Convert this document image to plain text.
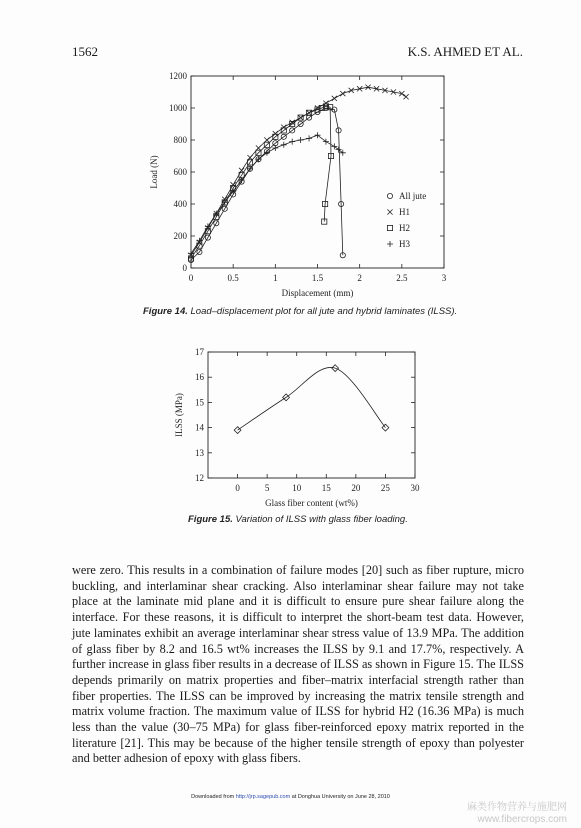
1562	K.S. AHMED ET AL.
0	0.5	1	1.5	2	2.5	3
0
200
400
600
800
1000
1200
Displacement (mm)
Load (N)
All jute
H1
H2
H3
Figure 14. Load–displacement plot for all jute and hybrid laminates (ILSS).
0	5	10 15 20 25 30
12
13
14
15
16
17
Glass fiber content (wt%)
ILSS (MPa)
Figure 15. Variation of ILSS with glass fiber loading.

were zero. This results in a combination of failure modes [20] such as fiber rupture, micro buckling, and interlaminar shear cracking. Also interlaminar shear failure may not take place at the laminate mid plane and it is difficult to ensure pure shear failure along the interface. For these reasons, it is difficult to interpret the short-beam test data. However, jute laminates exhibit an average interlaminar shear stress value of 13.9 MPa. The addition of glass fiber by 8.2 and 16.5 wt% increases the ILSS by 9.1 and 17.7%, respectively. A further increase in glass fiber results in a decrease of ILSS as shown in Figure 15. The ILSS depends primarily on matrix properties and fiber–matrix interfacial strength rather than fiber properties. The ILSS can be improved by increasing the matrix tensile strength and matrix volume fraction. The maximum value of ILSS for hybrid H2 (16.36 MPa) is much less than the value (30–75 MPa) for glass fiber-reinforced epoxy matrix reported in the literature [21]. This may be because of the higher tensile strength of epoxy than polyester and better adhesion of epoxy with glass fibers.

Downloaded from http://jrp.sagepub.com at Donghua University on June 28, 2010
麻类作物营养与施肥网
www.fibercrops.com
